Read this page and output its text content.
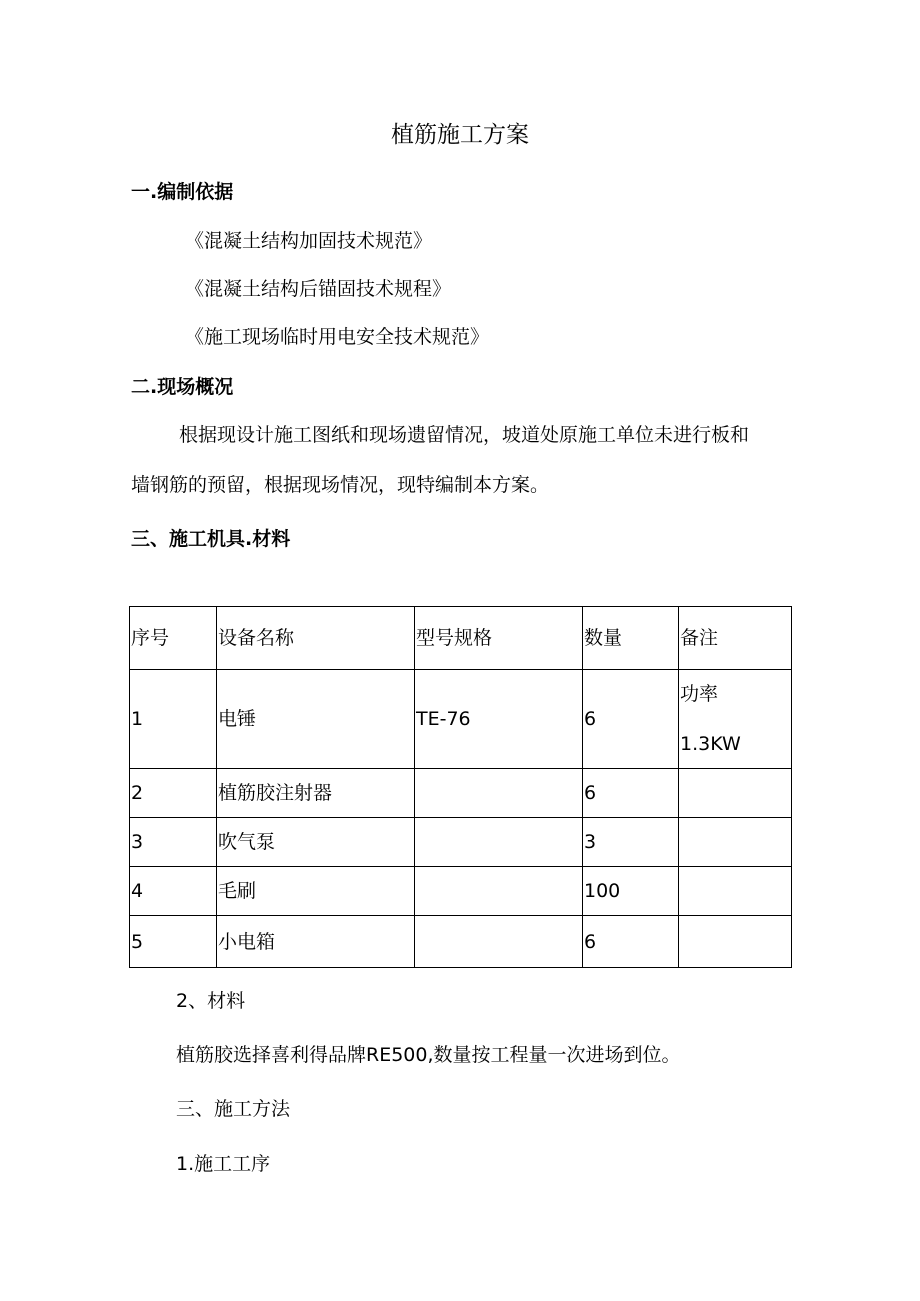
植筋施工方案
一.编制依据
《混凝土结构加固技术规范》
《混凝土结构后锚固技术规程》
《施工现场临时用电安全技术规范》
二.现场概况
根据现设计施工图纸和现场遗留情况，坡道处原施工单位未进行板和
墙钢筋的预留，根据现场情况，现特编制本方案。
三、施工机具.材料
序号	设备名称	型号规格	数量	备注
1	电锤	TE-76	6	功率
1.3KW

2	植筋胶注射器		6	
3	吹气泵		3	
4	毛刷		100	
5	小电箱		6	
2、材料
植筋胶选择喜利得品牌RE500,数量按工程量一次进场到位。
三、施工方法
1.施工工序
